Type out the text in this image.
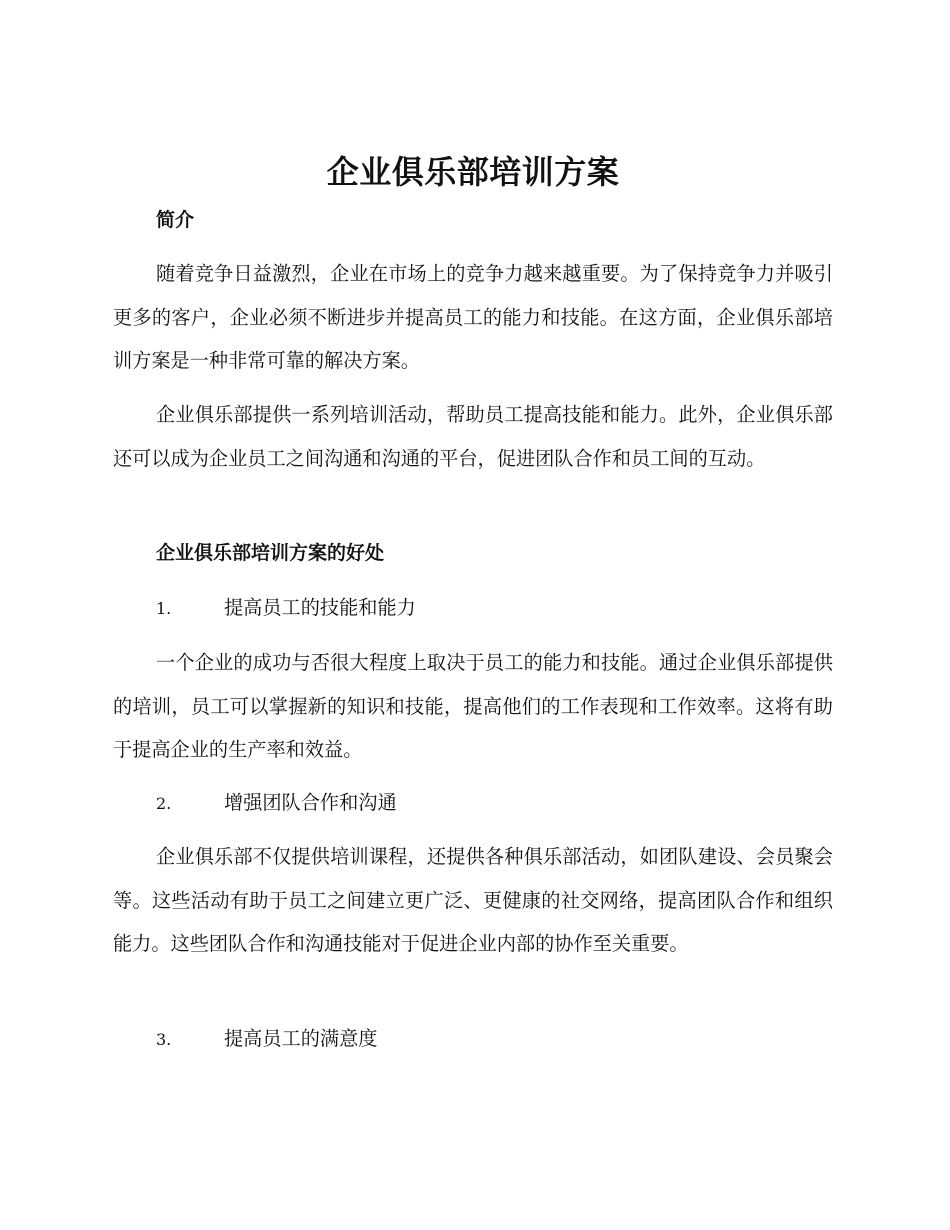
企业俱乐部培训方案
简介

随着竞争日益激烈，企业在市场上的竞争力越来越重要。为了保持竞争力并吸引更多的客户，企业必须不断进步并提高员工的能力和技能。在这方面，企业俱乐部培训方案是一种非常可靠的解决方案。

企业俱乐部提供一系列培训活动，帮助员工提高技能和能力。此外，企业俱乐部还可以成为企业员工之间沟通和沟通的平台，促进团队合作和员工间的互动。

企业俱乐部培训方案的好处
1.	提高员工的技能和能力

一个企业的成功与否很大程度上取决于员工的能力和技能。通过企业俱乐部提供的培训，员工可以掌握新的知识和技能，提高他们的工作表现和工作效率。这将有助于提高企业的生产率和效益。

2.	增强团队合作和沟通

企业俱乐部不仅提供培训课程，还提供各种俱乐部活动，如团队建设、会员聚会等。这些活动有助于员工之间建立更广泛、更健康的社交网络，提高团队合作和组织能力。这些团队合作和沟通技能对于促进企业内部的协作至关重要。

3.	提高员工的满意度
